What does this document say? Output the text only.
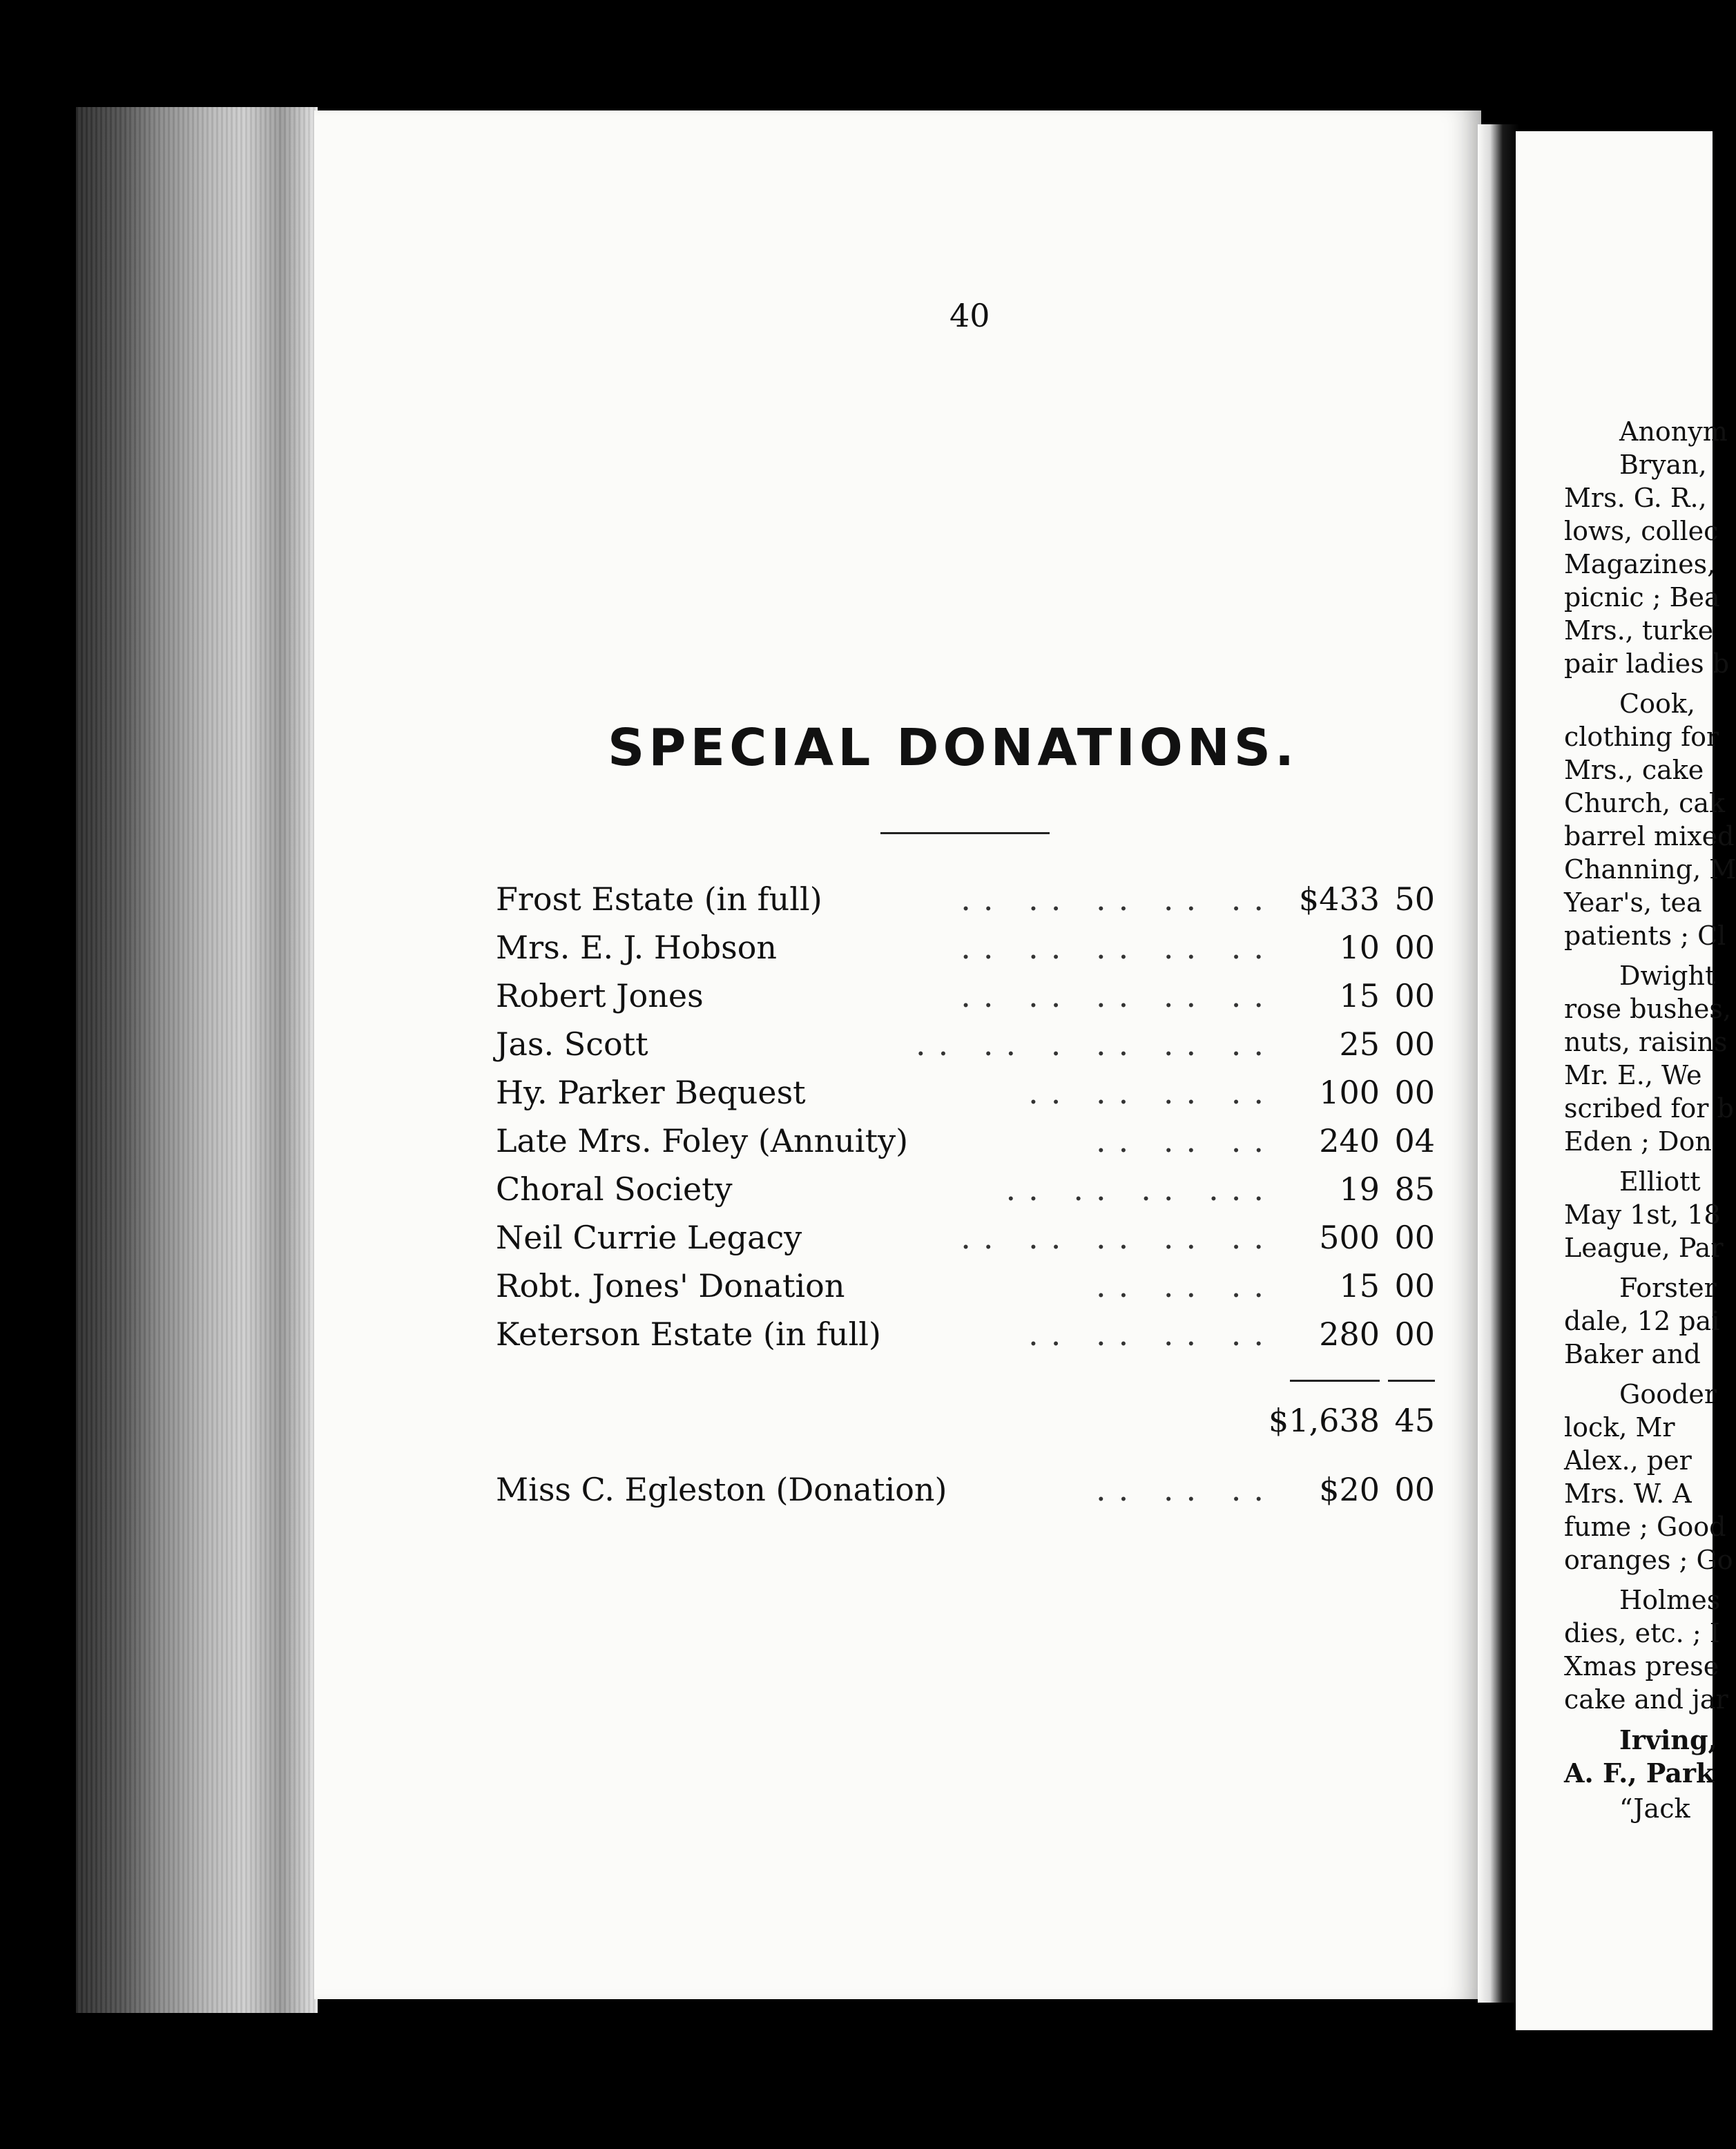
40
SPECIAL DONATIONS.
Frost Estate (in full)	.. .. .. .. .. $433 50
Mrs. E. J. Hobson	.. .. .. .. .. 10 00
Robert Jones	.. .. .. .. .. 15 00
Jas. Scott	.. .. . .. .. .. 25 00
Hy. Parker Bequest	.. .. .. .. 100 00
Late Mrs. Foley (Annuity)	.. .. .. 240 04
Choral Society	.. .. .. ... 19 85
Neil Currie Legacy	.. .. .. .. .. 500 00
Robt. Jones' Donation	.. .. .. 15 00
Keterson Estate (in full)	.. .. .. .. 280 00
$1,638 45
Miss C. Egleston (Donation)	.. .. .. $20 00
Anonym
Bryan,
Mrs. G. R.,
lows, collec
Magazines,
picnic ; Bea
Mrs., turke
pair ladies b
Cook,
clothing for
Mrs., cake
Church, cak
barrel mixed
Channing, M
Year's, tea
patients ; Cl
Dwight
rose bushes,
nuts, raisins
Mr. E., We
scribed for b
Eden ; Don
Elliott
May 1st, 18
League, Par
Forster
dale, 12 pai
Baker and
Gooder
lock, Mr
Alex., per
Mrs. W. A
fume ; Good
oranges ; Go
Holmes
dies, etc. ; I
Xmas prese
cake and jar
Irving,
A. F., Park
“Jack
